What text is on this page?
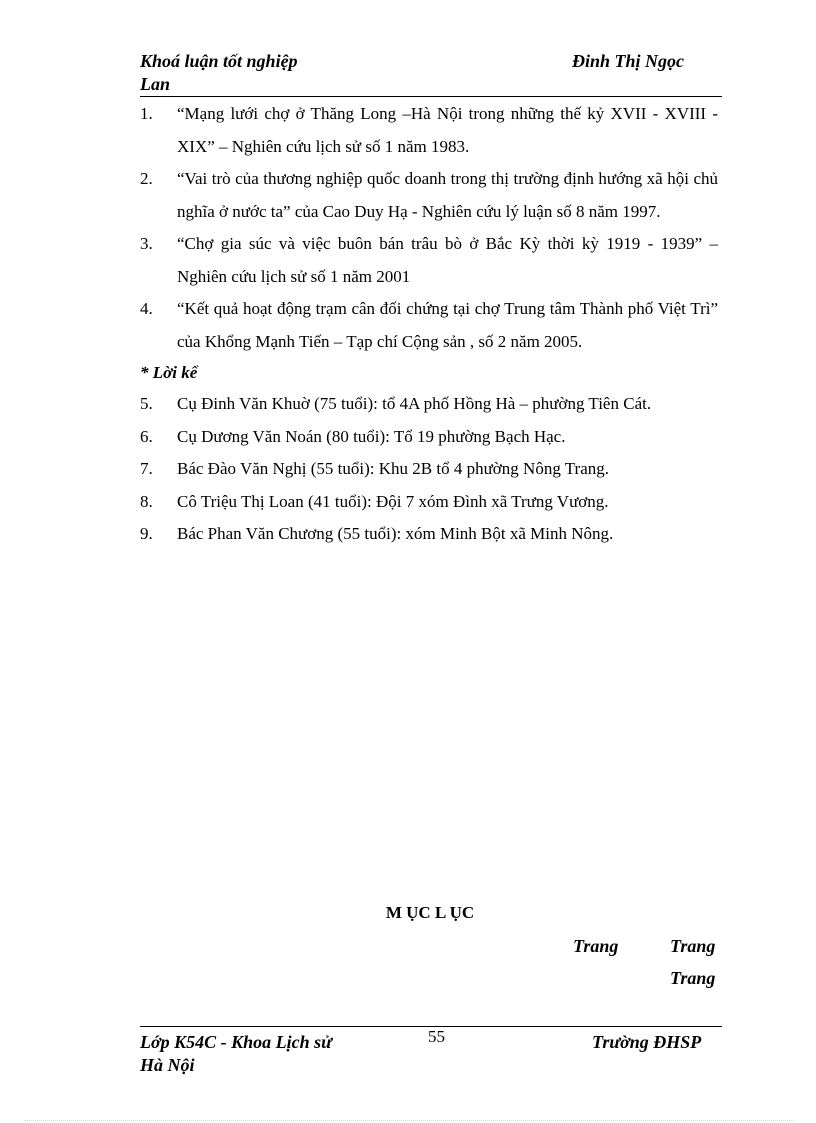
Khoá luận tốt nghiệp
Lan
Đinh Thị Ngọc
1.	“Mạng lưới chợ ở Thăng Long –Hà Nội trong những thế kỷ XVII - XVIII - XIX” – Nghiên cứu lịch sử số 1 năm 1983.
2.	“Vai trò của thương nghiệp quốc doanh trong thị trường định hướng xã hội chủ nghĩa ở nước ta” của Cao Duy Hạ - Nghiên cứu lý luận số 8 năm 1997.
3.	“Chợ gia súc và việc buôn bán trâu bò ở Bắc Kỳ thời kỳ 1919 - 1939” – Nghiên cứu lịch sử số 1 năm 2001
4.	“Kết quả hoạt động trạm cân đối chứng tại chợ Trung tâm Thành phố Việt Trì” của Khổng Mạnh Tiến – Tạp chí Cộng sản , số 2 năm 2005.
* Lời kể
5.	Cụ Đinh Văn Khuờ (75 tuổi): tổ 4A phố Hồng Hà – phường Tiên Cát.
6.	Cụ Dương Văn Noán (80 tuổi): Tổ 19 phường Bạch Hạc.
7.	Bác Đào Văn Nghị (55 tuổi): Khu 2B tổ 4 phường Nông Trang.
8.	Cô Triệu Thị Loan (41 tuổi): Đội 7 xóm Đình xã Trưng Vương.
9.	Bác Phan Văn Chương (55 tuổi): xóm Minh Bột xã Minh Nông.
M ỤC L ỤC
Trang	Trang
Trang
Lớp K54C - Khoa Lịch sử
Hà Nội
55	Trường ĐHSP
